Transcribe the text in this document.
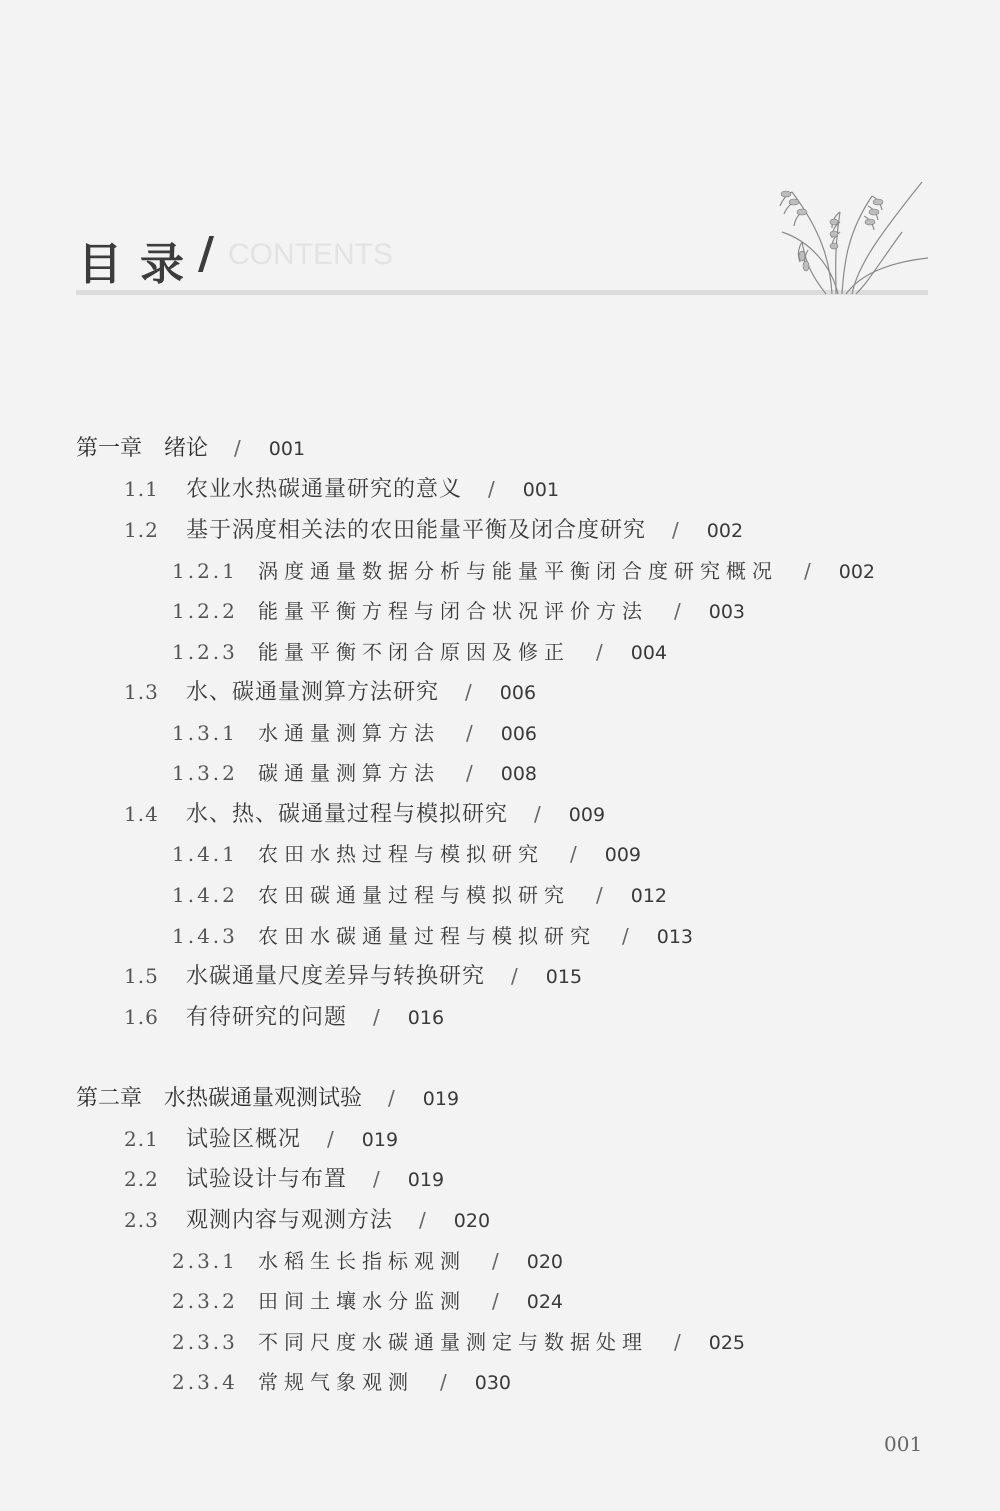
目录
/ CONTENTS
第一章 绪论 / 001
1.1	农业水热碳通量研究的意义 / 001
1.2	基于涡度相关法的农田能量平衡及闭合度研究 / 002
1.2.1	涡度通量数据分析与能量平衡闭合度研究概况 / 002
1.2.2	能量平衡方程与闭合状况评价方法 / 003
1.2.3	能量平衡不闭合原因及修正 / 004
1.3	水、碳通量测算方法研究 / 006
1.3.1	水通量测算方法 / 006
1.3.2	碳通量测算方法 / 008
1.4	水、热、碳通量过程与模拟研究 / 009
1.4.1	农田水热过程与模拟研究 / 009
1.4.2	农田碳通量过程与模拟研究 / 012
1.4.3	农田水碳通量过程与模拟研究 / 013
1.5	水碳通量尺度差异与转换研究 / 015
1.6	有待研究的问题 / 016
第二章 水热碳通量观测试验 / 019
2.1	试验区概况 / 019
2.2	试验设计与布置 / 019
2.3	观测内容与观测方法 / 020
2.3.1	水稻生长指标观测 / 020
2.3.2	田间土壤水分监测 / 024
2.3.3	不同尺度水碳通量测定与数据处理 / 025
2.3.4	常规气象观测 / 030
001
